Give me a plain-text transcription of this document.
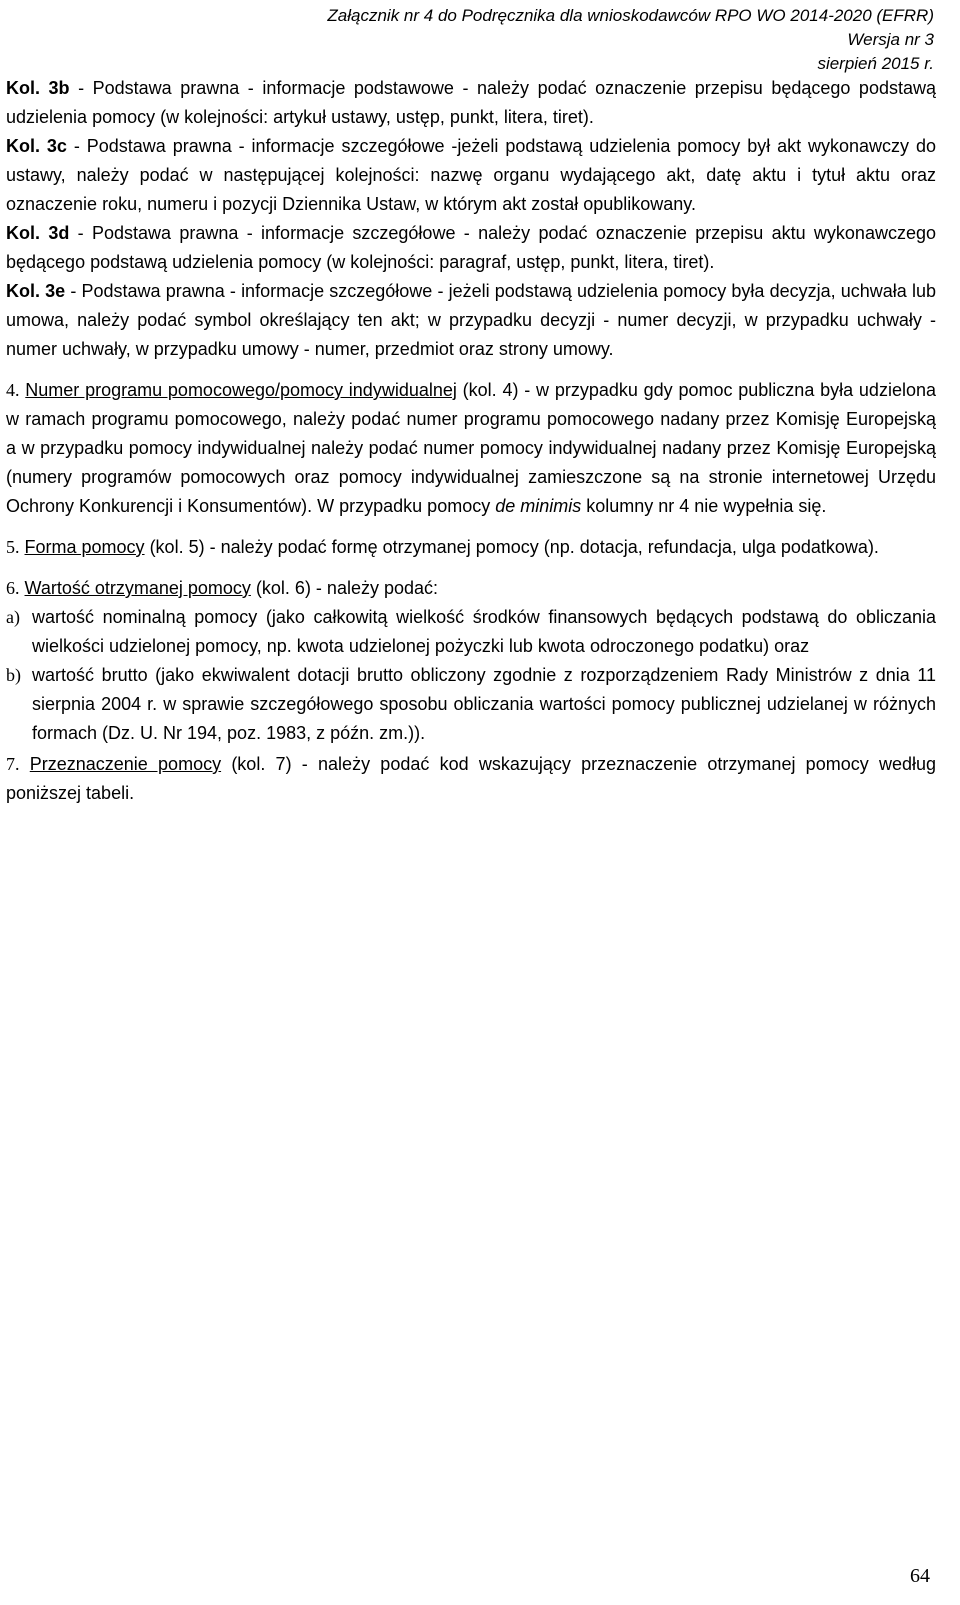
Załącznik nr 4 do Podręcznika dla wnioskodawców RPO WO 2014-2020 (EFRR)
Wersja nr 3
sierpień 2015 r.

Kol. 3b - Podstawa prawna - informacje podstawowe - należy podać oznaczenie przepisu będącego podstawą udzielenia pomocy (w kolejności: artykuł ustawy, ustęp, punkt, litera, tiret).

Kol. 3c - Podstawa prawna - informacje szczegółowe -jeżeli podstawą udzielenia pomocy był akt wykonawczy do ustawy, należy podać w następującej kolejności: nazwę organu wydającego akt, datę aktu i tytuł aktu oraz oznaczenie roku, numeru i pozycji Dziennika Ustaw, w którym akt został opublikowany.

Kol. 3d - Podstawa prawna - informacje szczegółowe - należy podać oznaczenie przepisu aktu wykonawczego będącego podstawą udzielenia pomocy (w kolejności: paragraf, ustęp, punkt, litera, tiret).

Kol. 3e - Podstawa prawna - informacje szczegółowe - jeżeli podstawą udzielenia pomocy była decyzja, uchwała lub umowa, należy podać symbol określający ten akt; w przypadku decyzji - numer decyzji, w przypadku uchwały - numer uchwały, w przypadku umowy - numer, przedmiot oraz strony umowy.

4. Numer programu pomocowego/pomocy indywidualnej (kol. 4) - w przypadku gdy pomoc publiczna była udzielona w ramach programu pomocowego, należy podać numer programu pomocowego nadany przez Komisję Europejską a w przypadku pomocy indywidualnej należy podać numer pomocy indywidualnej nadany przez Komisję Europejską (numery programów pomocowych oraz pomocy indywidualnej zamieszczone są na stronie internetowej Urzędu Ochrony Konkurencji i Konsumentów). W przypadku pomocy de minimis kolumny nr 4 nie wypełnia się.

5. Forma pomocy (kol. 5) - należy podać formę otrzymanej pomocy (np. dotacja, refundacja, ulga podatkowa).

6. Wartość otrzymanej pomocy (kol. 6) - należy podać:

a) wartość nominalną pomocy (jako całkowitą wielkość środków finansowych będących podstawą do obliczania wielkości udzielonej pomocy, np. kwota udzielonej pożyczki lub kwota odroczonego podatku) oraz
b) wartość brutto (jako ekwiwalent dotacji brutto obliczony zgodnie z rozporządzeniem Rady Ministrów z dnia 11 sierpnia 2004 r. w sprawie szczegółowego sposobu obliczania wartości pomocy publicznej udzielanej w różnych formach (Dz. U. Nr 194, poz. 1983, z późn. zm.)).

7. Przeznaczenie pomocy (kol. 7) - należy podać kod wskazujący przeznaczenie otrzymanej pomocy według poniższej tabeli.

64
